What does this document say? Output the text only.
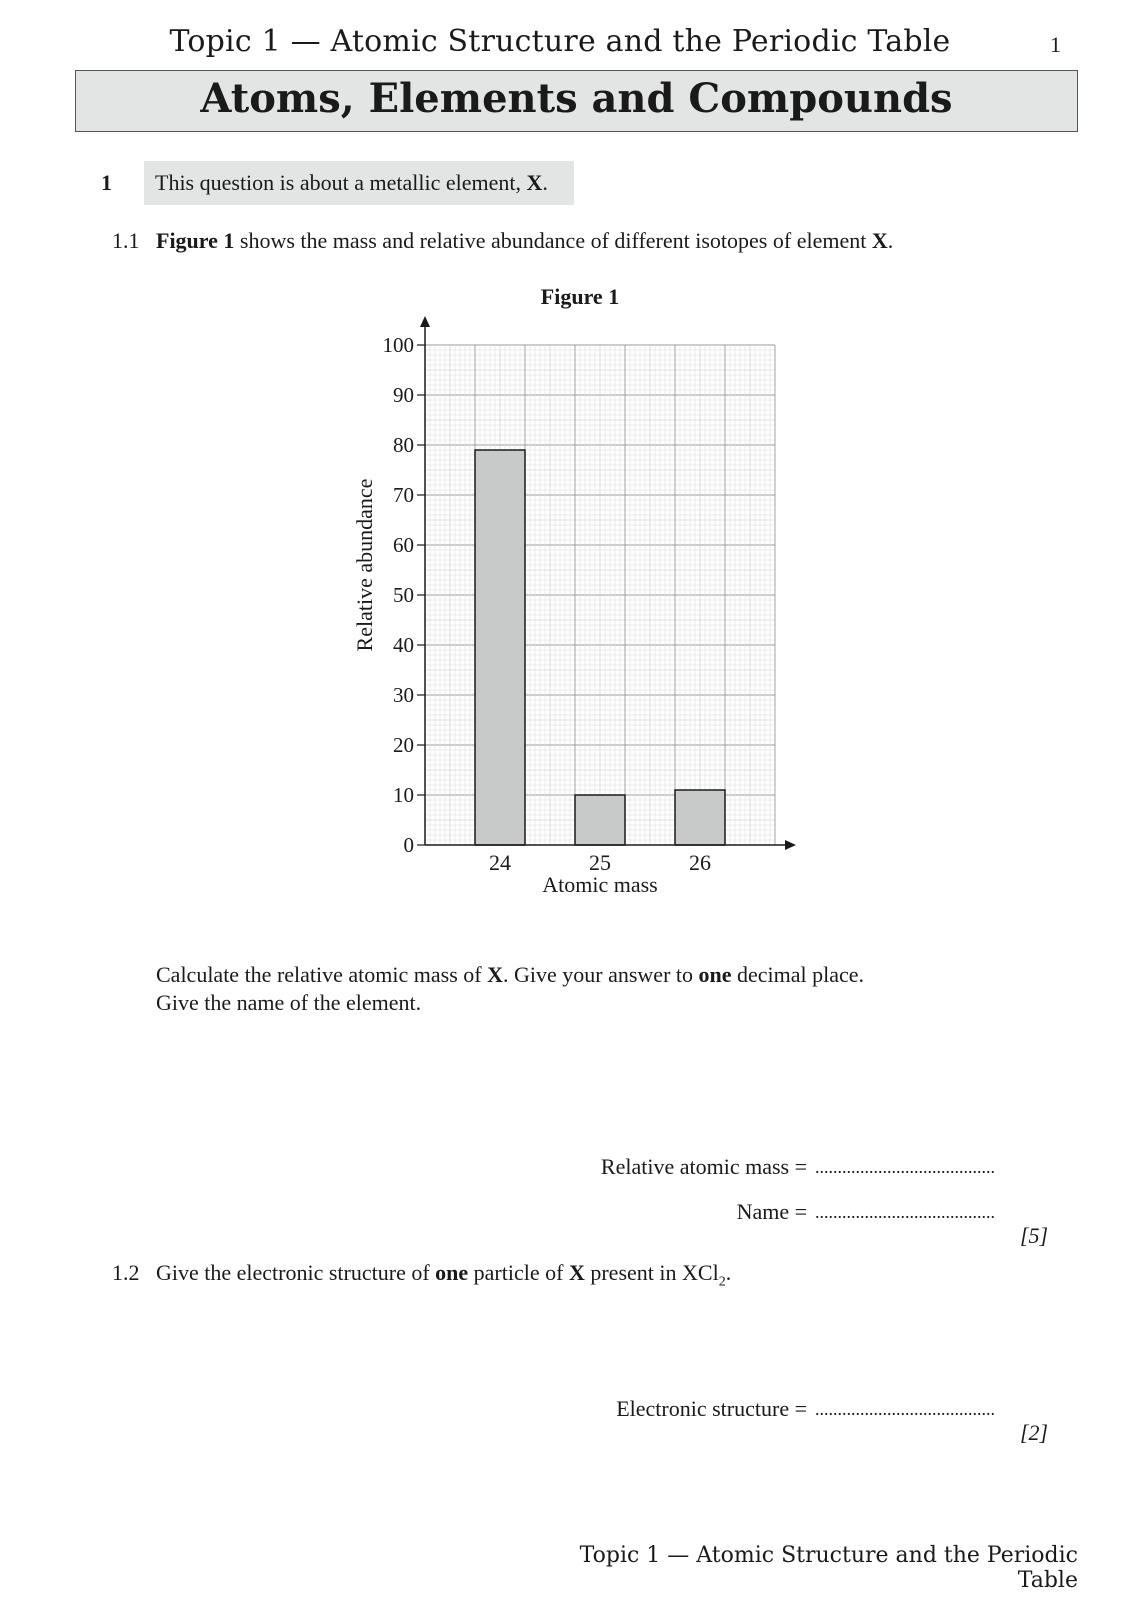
Topic 1 — Atomic Structure and the Periodic Table	1
Atoms, Elements and Compounds
1	This question is about a metallic element, X.
1.1 Figure 1 shows the mass and relative abundance of different isotopes of element X.
Figure 1
0
10
20
30
40
50
60
70
80
90
100
24	25	26
Relative abundance
Atomic mass
Calculate the relative atomic mass of X. Give your answer to one decimal place.
Give the name of the element.
Relative atomic mass = ........................................
Name = ........................................
[5]
1.2 Give the electronic structure of one particle of X present in XCl$_2$.
Electronic structure = ........................................
[2]
Topic 1 — Atomic Structure and the Periodic Table
